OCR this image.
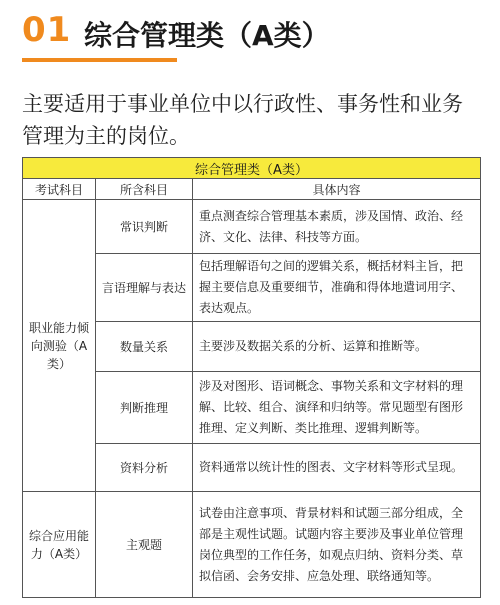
01 综合管理类（A类）
主要适用于事业单位中以行政性、事务性和业务管理为主的岗位。
综合管理类（A类）		
考试科目	所含科目	具体内容

职业能力倾向测验（A类）	常识判断	重点测查综合管理基本素质，涉及国情、政治、经济、文化、法律、科技等方面。

	言语理解与表达	包括理解语句之间的逻辑关系，概括材料主旨，把握主要信息及重要细节，准确和得体地遣词用字、表达观点。
	数量关系	主要涉及数据关系的分析、运算和推断等。
	判断推理	涉及对图形、语词概念、事物关系和文字材料的理解、比较、组合、演绎和归纳等。常见题型有图形推理、定义判断、类比推理、逻辑判断等。
	资料分析	资料通常以统计性的图表、文字材料等形式呈现。

综合应用能力（A类）	主观题	试卷由注意事项、背景材料和试题三部分组成，全部是主观性试题。试题内容主要涉及事业单位管理岗位典型的工作任务，如观点归纳、资料分类、草拟信函、会务安排、应急处理、联络通知等。
